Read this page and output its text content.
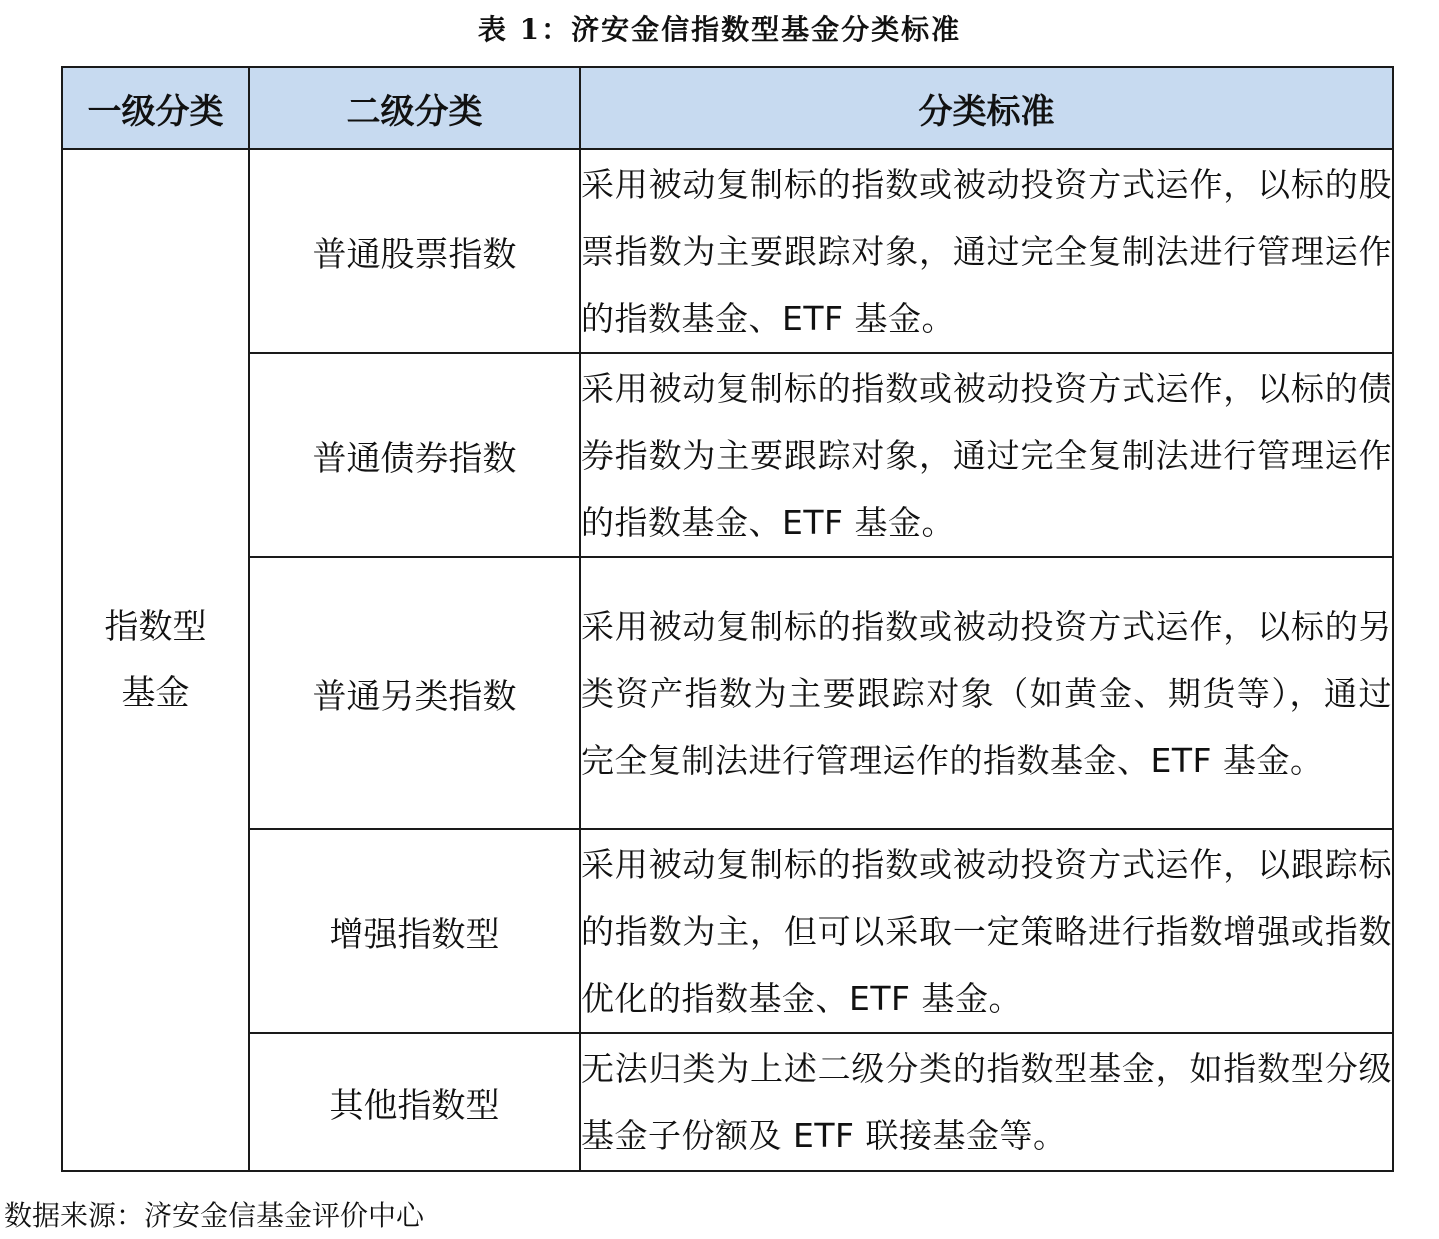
表 1：济安金信指数型基金分类标准
一级分类	二级分类	分类标准

指数型基金	普通股票指数	采用被动复制标的指数或被动投资方式运作，以标的股票指数为主要跟踪对象，通过完全复制法进行管理运作的指数基金、ETF 基金。
	普通债券指数	采用被动复制标的指数或被动投资方式运作，以标的债券指数为主要跟踪对象，通过完全复制法进行管理运作的指数基金、ETF 基金。
	普通另类指数	采用被动复制标的指数或被动投资方式运作，以标的另类资产指数为主要跟踪对象（如黄金、期货等），通过完全复制法进行管理运作的指数基金、ETF 基金。
	增强指数型	采用被动复制标的指数或被动投资方式运作，以跟踪标的指数为主，但可以采取一定策略进行指数增强或指数优化的指数基金、ETF 基金。
	其他指数型	无法归类为上述二级分类的指数型基金，如指数型分级基金子份额及 ETF 联接基金等。
数据来源：济安金信基金评价中心
